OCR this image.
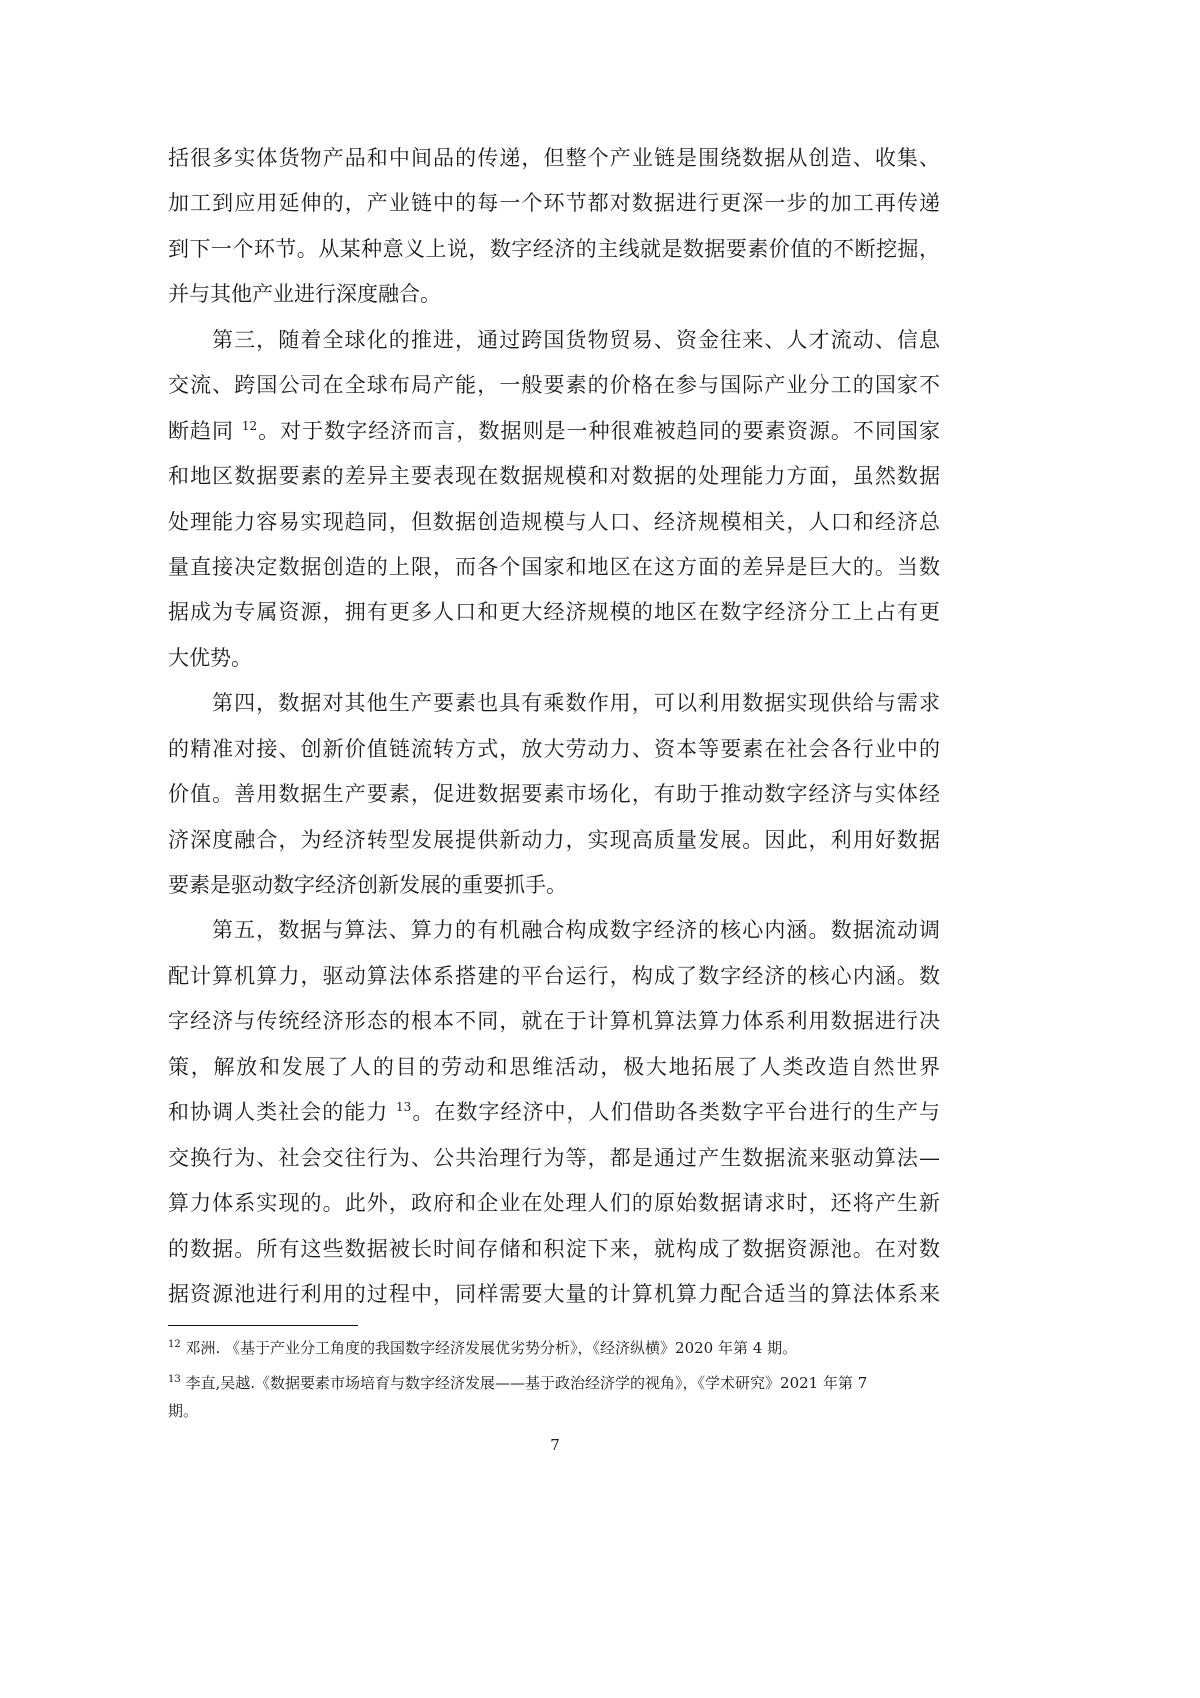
括很多实体货物产品和中间品的传递，但整个产业链是围绕数据从创造、收集、
加工到应用延伸的，产业链中的每一个环节都对数据进行更深一步的加工再传递
到下一个环节。从某种意义上说，数字经济的主线就是数据要素价值的不断挖掘，
并与其他产业进行深度融合。
第三，随着全球化的推进，通过跨国货物贸易、资金往来、人才流动、信息
交流、跨国公司在全球布局产能，一般要素的价格在参与国际产业分工的国家不
断趋同 $^{12}$。对于数字经济而言，数据则是一种很难被趋同的要素资源。不同国家
和地区数据要素的差异主要表现在数据规模和对数据的处理能力方面，虽然数据
处理能力容易实现趋同，但数据创造规模与人口、经济规模相关，人口和经济总
量直接决定数据创造的上限，而各个国家和地区在这方面的差异是巨大的。当数
据成为专属资源，拥有更多人口和更大经济规模的地区在数字经济分工上占有更
大优势。
第四，数据对其他生产要素也具有乘数作用，可以利用数据实现供给与需求
的精准对接、创新价值链流转方式，放大劳动力、资本等要素在社会各行业中的
价值。善用数据生产要素，促进数据要素市场化，有助于推动数字经济与实体经
济深度融合，为经济转型发展提供新动力，实现高质量发展。因此，利用好数据
要素是驱动数字经济创新发展的重要抓手。
第五，数据与算法、算力的有机融合构成数字经济的核心内涵。数据流动调
配计算机算力，驱动算法体系搭建的平台运行，构成了数字经济的核心内涵。数
字经济与传统经济形态的根本不同，就在于计算机算法算力体系利用数据进行决
策，解放和发展了人的目的劳动和思维活动，极大地拓展了人类改造自然世界
和协调人类社会的能力 $^{13}$。在数字经济中，人们借助各类数字平台进行的生产与
交换行为、社会交往行为、公共治理行为等，都是通过产生数据流来驱动算法—
算力体系实现的。此外，政府和企业在处理人们的原始数据请求时，还将产生新
的数据。所有这些数据被长时间存储和积淀下来，就构成了数据资源池。在对数
据资源池进行利用的过程中，同样需要大量的计算机算力配合适当的算法体系来
$^{12}$ 邓洲. 《基于产业分工角度的我国数字经济发展优劣势分析》，《经济纵横》2020 年第 4 期。
$^{13}$ 李直,吴越.《数据要素市场培育与数字经济发展——基于政治经济学的视角》，《学术研究》2021 年第 7
期。
7
